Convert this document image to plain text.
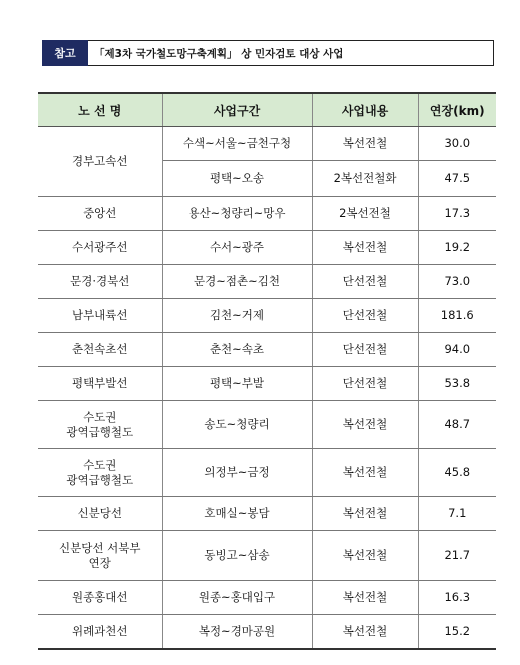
참고	「제3차 국가철도망구축계획」 상 민자검토 대상 사업
노 선 명	사업구간	사업내용	연장(km)

경부고속선	수색~서울~금천구청	복선전철	30.0
	평택~오송	2복선전철화	47.5

중앙선	용산~청량리~망우	2복선전철	17.3

수서광주선	수서~광주	복선전철	19.2

문경·경북선	문경~점촌~김천	단선전철	73.0

남부내륙선	김천~거제	단선전철	181.6

춘천속초선	춘천~속초	단선전철	94.0

평택부발선	평택~부발	단선전철	53.8

수도권
광역급행철도	송도~청량리	복선전철	48.7

수도권
광역급행철도	의정부~금정	복선전철	45.8

신분당선	호매실~봉담	복선전철	7.1

신분당선 서북부
연장	동빙고~삼송	복선전철	21.7

원종홍대선	원종~홍대입구	복선전철	16.3

위례과천선	복정~경마공원	복선전철	15.2
